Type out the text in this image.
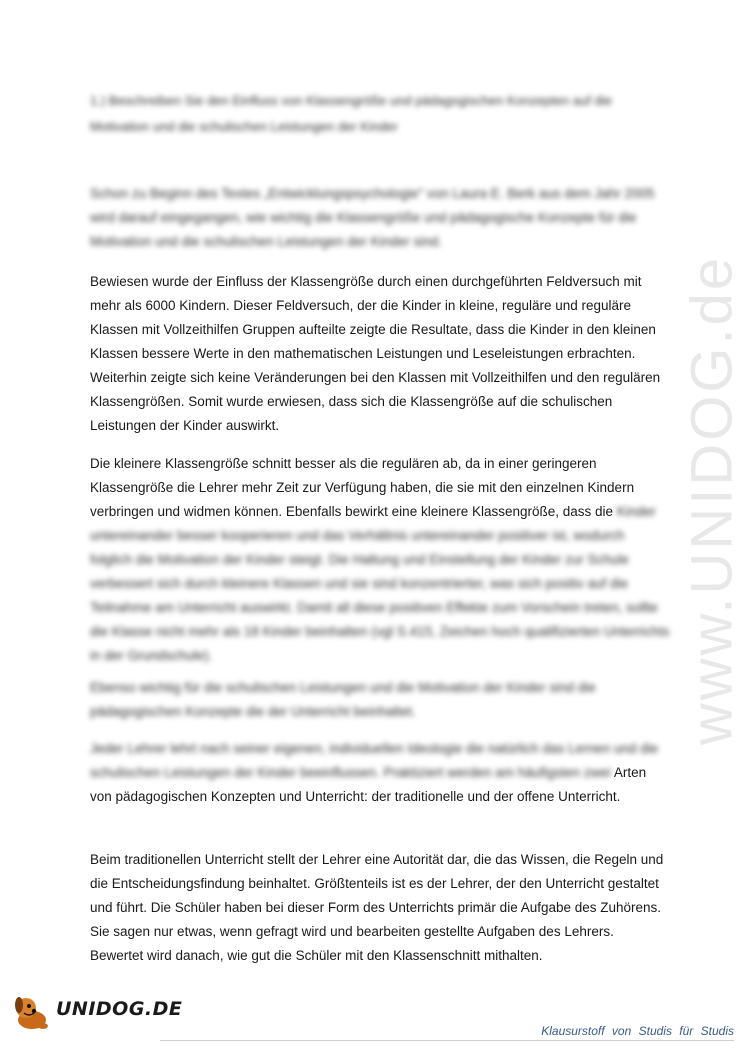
www.UNIDOG.de
1.) Beschreiben Sie den Einfluss von Klassengröße und pädagogischen Konzepten auf die Motivation und die schulischen Leistungen der Kinder

Schon zu Beginn des Textes „Entwicklungspsychologie" von Laura E. Berk aus dem Jahr 2005 wird darauf eingegangen, wie wichtig die Klassengröße und pädagogische Konzepte für die Motivation und die schulischen Leistungen der Kinder sind.

Bewiesen wurde der Einfluss der Klassengröße durch einen durchgeführten Feldversuch mit mehr als 6000 Kindern. Dieser Feldversuch, der die Kinder in kleine, reguläre und reguläre Klassen mit Vollzeithilfen Gruppen aufteilte zeigte die Resultate, dass die Kinder in den kleinen Klassen bessere Werte in den mathematischen Leistungen und Leseleistungen erbrachten. Weiterhin zeigte sich keine Veränderungen bei den Klassen mit Vollzeithilfen und den regulären Klassengrößen. Somit wurde erwiesen, dass sich die Klassengröße auf die schulischen Leistungen der Kinder auswirkt.

Die kleinere Klassengröße schnitt besser als die regulären ab, da in einer geringeren Klassengröße die Lehrer mehr Zeit zur Verfügung haben, die sie mit den einzelnen Kindern verbringen und widmen können. Ebenfalls bewirkt eine kleinere Klassengröße, dass die Kinder untereinander besser kooperieren und das Verhältnis untereinander positiver ist, wodurch folglich die Motivation der Kinder steigt. Die Haltung und Einstellung der Kinder zur Schule verbessert sich durch kleinere Klassen und sie sind konzentrierter, was sich positiv auf die Teilnahme am Unterricht auswirkt. Damit all diese positiven Effekte zum Vorschein treten, sollte die Klasse nicht mehr als 18 Kinder beinhalten (vgl S.415, Zeichen hoch qualifizierten Unterrichts in der Grundschule).

Ebenso wichtig für die schulischen Leistungen und die Motivation der Kinder sind die pädagogischen Konzepte die der Unterricht beinhaltet.

Jeder Lehrer lehrt nach seiner eigenen, individuellen Ideologie die natürlich das Lernen und die schulischen Leistungen der Kinder beeinflussen. Praktiziert werden am häufigsten zwei Arten von pädagogischen Konzepten und Unterricht: der traditionelle und der offene Unterricht.

Beim traditionellen Unterricht stellt der Lehrer eine Autorität dar, die das Wissen, die Regeln und die Entscheidungsfindung beinhaltet. Größtenteils ist es der Lehrer, der den Unterricht gestaltet und führt. Die Schüler haben bei dieser Form des Unterrichts primär die Aufgabe des Zuhörens. Sie sagen nur etwas, wenn gefragt wird und bearbeiten gestellte Aufgaben des Lehrers. Bewertet wird danach, wie gut die Schüler mit den Klassenschnitt mithalten.

UNIDOG.DE
Klausurstoff von Studis für Studis
